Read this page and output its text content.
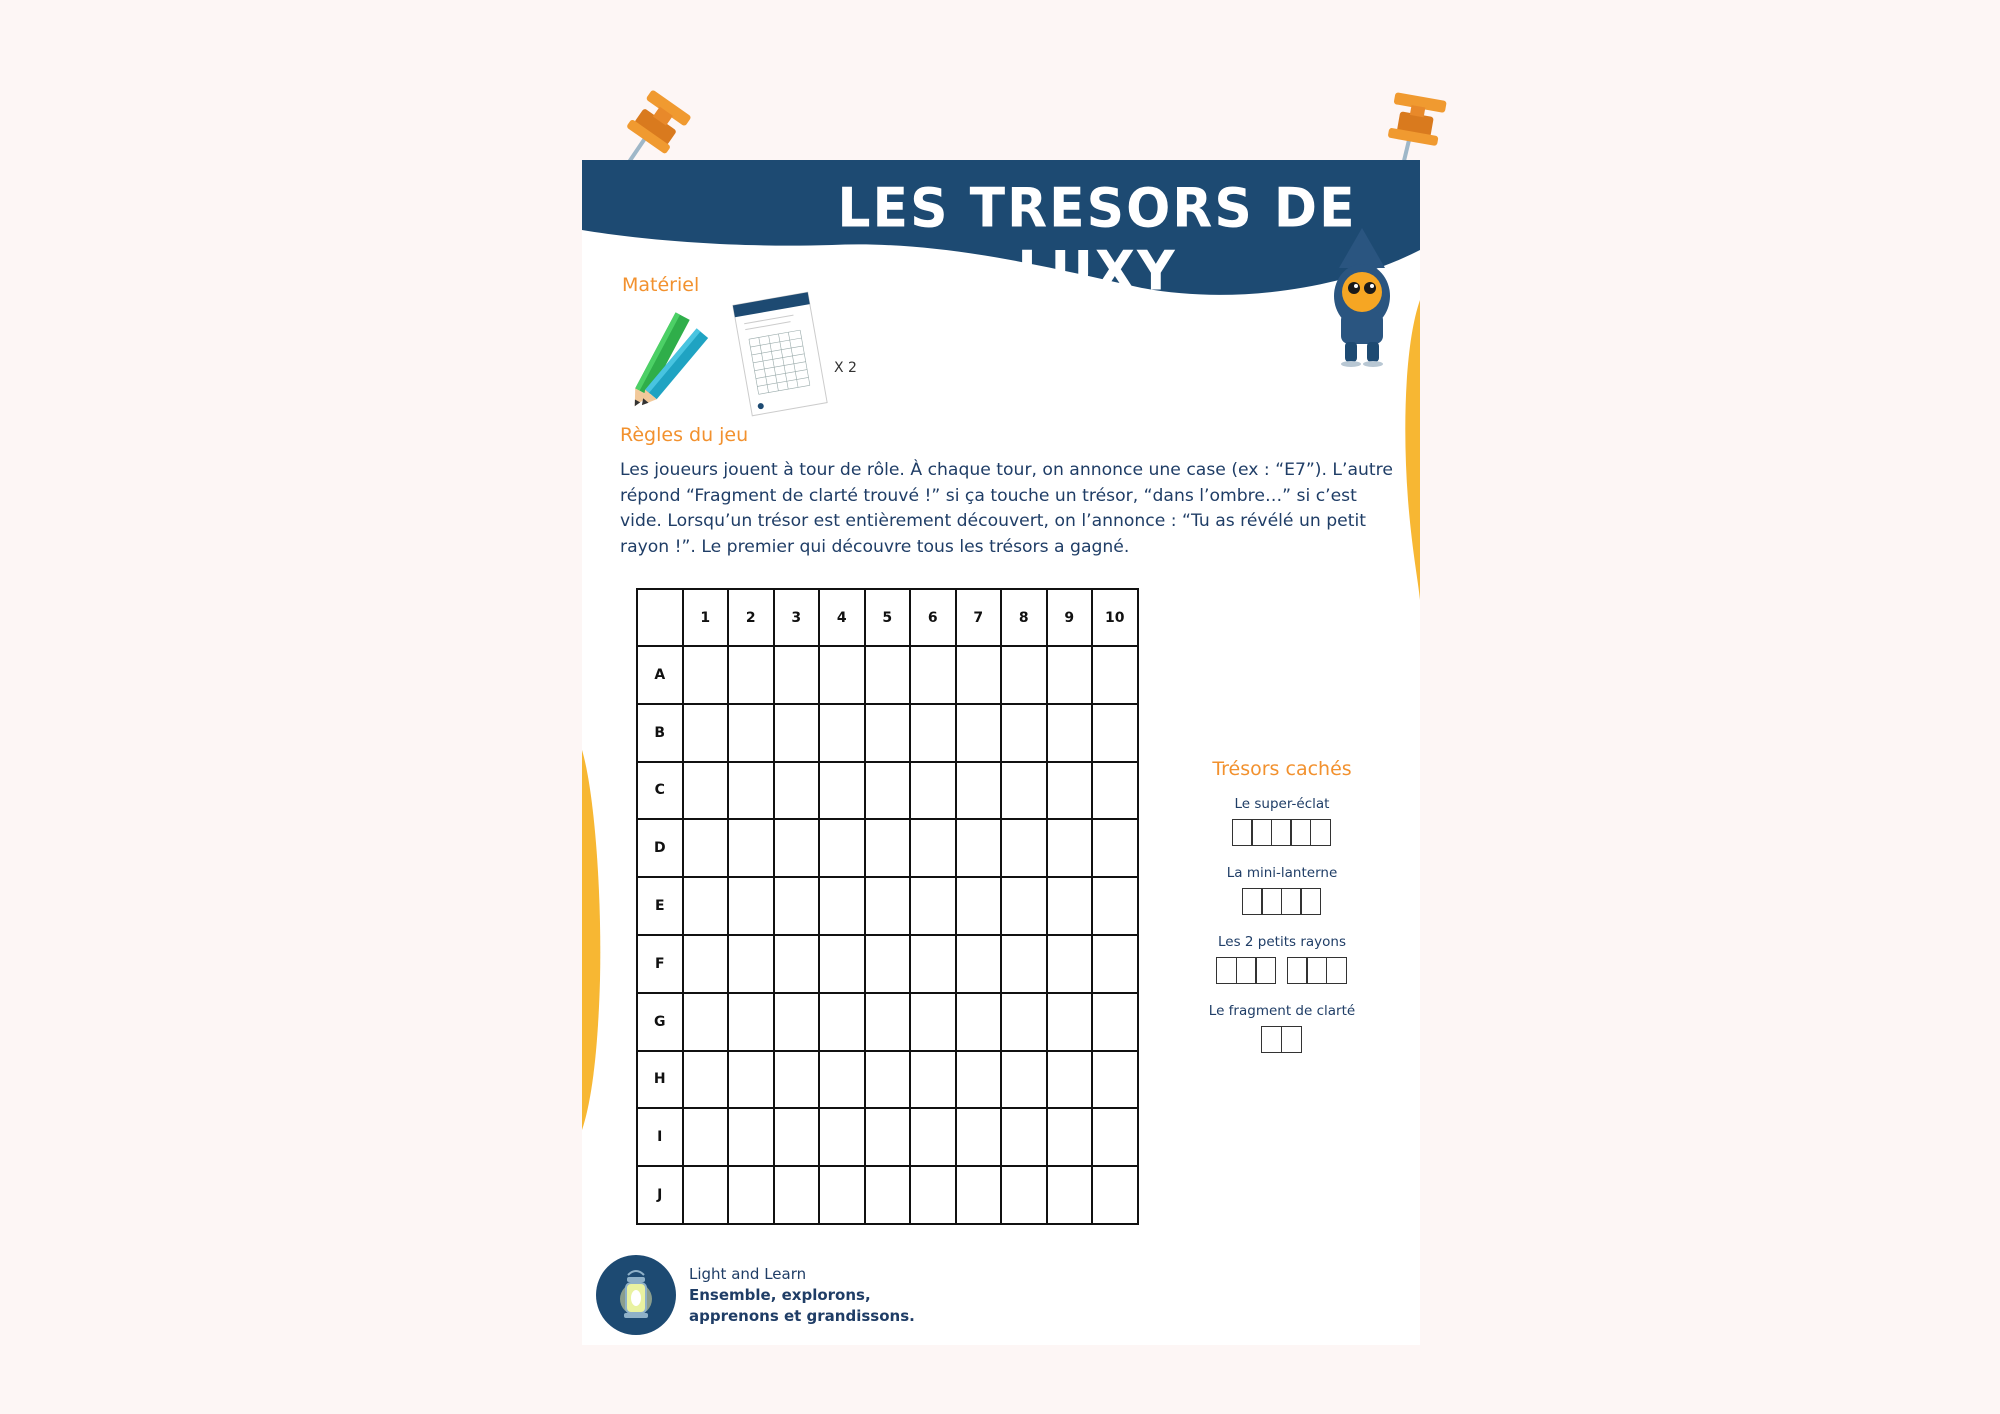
LES TRESORS DE LUXY
Matériel
X 2
Règles du jeu
Les joueurs jouent à tour de rôle. À chaque tour, on annonce une case (ex : “E7”). L’autre répond “Fragment de clarté trouvé !” si ça touche un trésor, “dans l’ombre…” si c’est vide. Lorsqu’un trésor est entièrement découvert, on l’annonce : “Tu as révélé un petit rayon !”. Le premier qui découvre tous les trésors a gagné.
	1	2	3	4	5	6	7	8	9	10
A										
B										
C										
D										
E										
F										
G										
H										
I										
J										
Trésors cachés
Le super-éclat
La mini-lanterne
Les 2 petits rayons
Le fragment de clarté
Light and Learn
Ensemble, explorons,
apprenons et grandissons.
